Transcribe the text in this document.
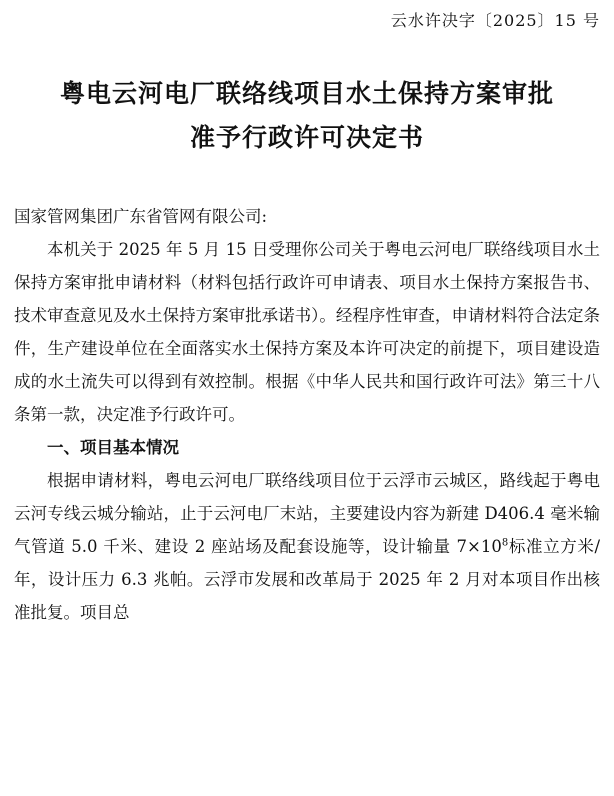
云水许决字〔2025〕15 号
粤电云河电厂联络线项目水土保持方案审批
准予行政许可决定书

国家管网集团广东省管网有限公司:

本机关于 2025 年 5 月 15 日受理你公司关于粤电云河电厂联络线项目水土保持方案审批申请材料（材料包括行政许可申请表、项目水土保持方案报告书、技术审查意见及水土保持方案审批承诺书）。经程序性审查，申请材料符合法定条件，生产建设单位在全面落实水土保持方案及本许可决定的前提下，项目建设造成的水土流失可以得到有效控制。根据《中华人民共和国行政许可法》第三十八条第一款，决定准予行政许可。

一、项目基本情况

根据申请材料，粤电云河电厂联络线项目位于云浮市云城区，路线起于粤电云河专线云城分输站，止于云河电厂末站，主要建设内容为新建 D406.4 毫米输气管道 5.0 千米、建设 2 座站场及配套设施等，设计输量 $7\times 10^8$标准立方米/年，设计压力 6.3 兆帕。云浮市发展和改革局于 2025 年 2 月对本项目作出核准批复。项目总
